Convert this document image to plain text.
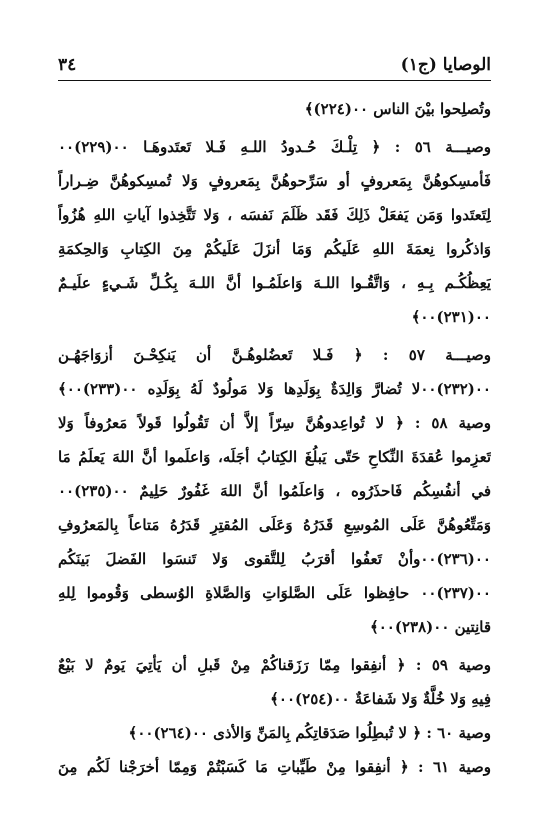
الوصايا (ج١)
٣٤
وتُصلِحوا بيْنَ الناس ٠٠(٢٢٤)﴾
وصيـــة ٥٦ : ﴿ تِلْـكَ حُـدودُ اللـهِ فَـلا تَعتَدوهَـا ٠٠(٢٢٩)٠٠
فَأمسِكوهُنَّ بِمَعروفٍ أو سَرِّحوهُنَّ بِمَعروفٍ وَلا تُمسِكوهُنَّ ضِـراراً
لِتَعتَدوا وَمَن يَفعَلْ ذَلِكَ فَقَد ظَلَمَ نَفسَه ، وَلا تَتَّخِذوا آياتِ اللهِ هُزُواً
وَاذكُروا نِعمَةَ اللهِ عَلَيكُم وَمَا أنزَلَ عَلَيكُمْ مِنَ الكِتابِ وَالحِكمَةِ
يَعِظُكُـم بِـهِ ، وَاتَّقُـوا اللـهَ وَاعلَمُـوا أنَّ اللـهَ بِكُـلِّ شَـيءٍ علَيـمٌ
٠٠(٢٣١)٠٠﴾
وصيـــة ٥٧ : ﴿ فَـلا تَعضُلوهُـنَّ أن يَنكِحْـنَ أزوَاجَهُـن
٠٠(٢٣٢)٠٠لا تُضارَّ وَالِدَةٌ بِوَلَدِها وَلا مَولُودٌ لَهُ بِوَلَدِه ٠٠(٢٣٣)٠٠﴾
وصية ٥٨ : ﴿ لا تُواعِدوهُنَّ سِرّاً إلاَّ أن تَقُولُوا قَولاً مَعرُوفاً وَلا
تَعزِموا عُقدَةَ النِّكاحِ حَتّى يَبلُغَ الكِتابُ أجَلَه، وَاعلَموا أنَّ اللهَ يَعلَمُ مَا
في أنفُسِكُم فَاحذَرُوه ، وَاعلَمُوا أنَّ اللهَ غَفُورٌ حَلِيمٌ ٠٠(٢٣٥)٠٠
وَمَتِّعُوهُنَّ عَلَى المُوسِعِ قَدَرُهُ وَعَلَى المُقتِرِ قَدَرُهُ مَتاعاً بِالمَعرُوفِ
٠٠(٢٣٦)٠٠وأنْ تَعفُوا أقرَبُ لِلتَّقوى وَلا تَنسَوا الفَضلَ بَينَكُم
٠٠(٢٣٧)٠٠ حافِظوا عَلَى الصَّلوَاتِ وَالصَّلاةِ الوُسطى وَقُوموا لِلهِ
قانِتين ٠٠(٢٣٨)٠٠﴾
وصية ٥٩ : ﴿ أنفِقوا مِمّا رَزَقناكُمْ مِنْ قَبلِ أن يَأتِيَ يَومٌ لا بَيْعٌ
فِيهِ وَلا خُلَّةٌ وَلا شَفاعَةٌ ٠٠(٢٥٤)٠٠﴾
وصية ٦٠ : ﴿ لا تُبطِلُوا صَدَقاتِكُم بِالمَنِّ وَالأذى ٠٠(٢٦٤)٠٠﴾
وصية ٦١ : ﴿ أنفِقوا مِنْ طَيِّباتِ مَا كَسَبْتُمْ وَمِمّا أخرَجْنا لَكُم مِنَ
